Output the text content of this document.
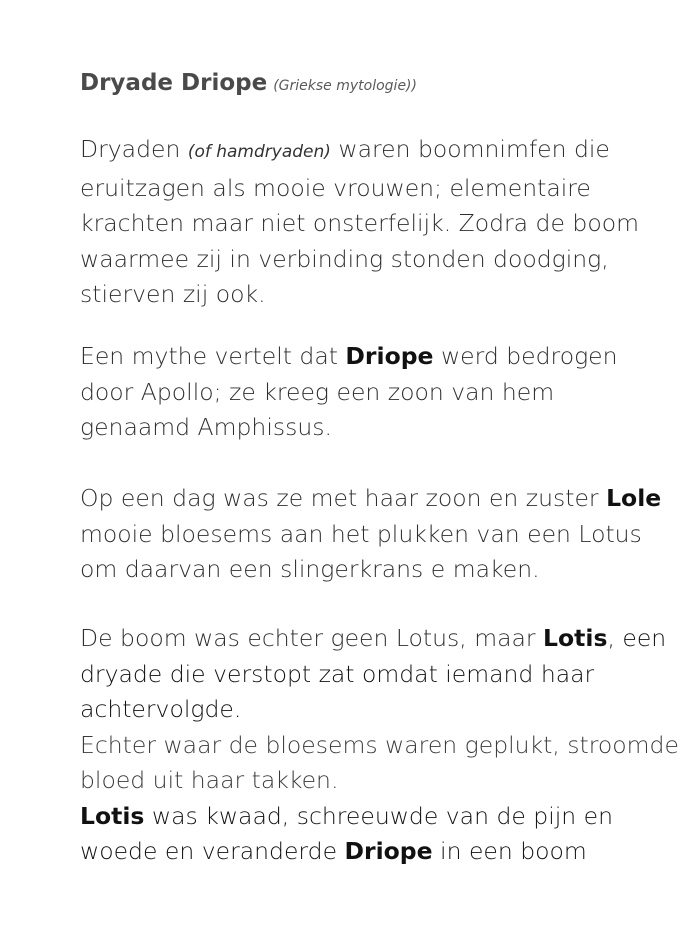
Dryade Driope (Griekse mytologie))
Dryaden (of hamdryaden) waren boomnimfen die
eruitzagen als mooie vrouwen; elementaire
krachten maar niet onsterfelijk. Zodra de boom
waarmee zij in verbinding stonden doodging,
stierven zij ook.
Een mythe vertelt dat Driope werd bedrogen
door Apollo; ze kreeg een zoon van hem
genaamd Amphissus.
Op een dag was ze met haar zoon en zuster Lole
mooie bloesems aan het plukken van een Lotus
om daarvan een slingerkrans e maken.
De boom was echter geen Lotus, maar Lotis, een
dryade die verstopt zat omdat iemand haar
achtervolgde.
Echter waar de bloesems waren geplukt, stroomde
bloed uit haar takken.
Lotis was kwaad, schreeuwde van de pijn en
woede en veranderde Driope in een boom
